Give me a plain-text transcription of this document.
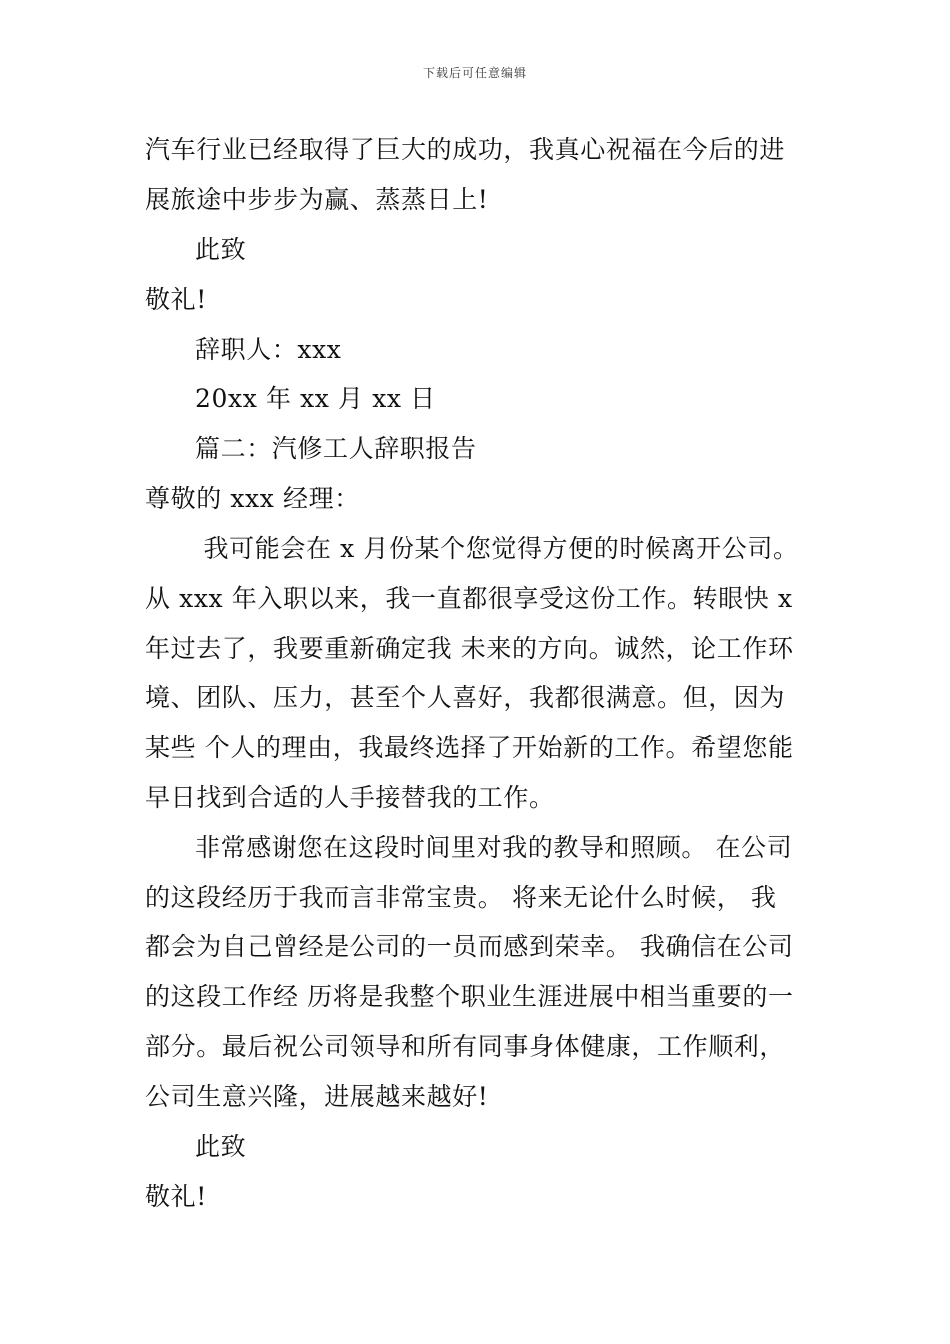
下载后可任意编辑
汽车行业已经取得了巨大的成功，我真心祝福在今后的进
展旅途中步步为赢、蒸蒸日上!
此致
敬礼!
辞职人：xxx
20xx 年 xx 月 xx 日
篇二：汽修工人辞职报告
尊敬的 xxx 经理：
我可能会在 x 月份某个您觉得方便的时候离开公司。
从 xxx 年入职以来，我一直都很享受这份工作。转眼快 x
年过去了，我要重新确定我 未来的方向。诚然，论工作环
境、团队、压力，甚至个人喜好，我都很满意。但，因为
某些 个人的理由，我最终选择了开始新的工作。希望您能
早日找到合适的人手接替我的工作。
非常感谢您在这段时间里对我的教导和照顾。 在公司
的这段经历于我而言非常宝贵。 将来无论什么时候， 我
都会为自己曾经是公司的一员而感到荣幸。 我确信在公司
的这段工作经 历将是我整个职业生涯进展中相当重要的一
部分。最后祝公司领导和所有同事身体健康，工作顺利，
公司生意兴隆，进展越来越好!
此致
敬礼!
